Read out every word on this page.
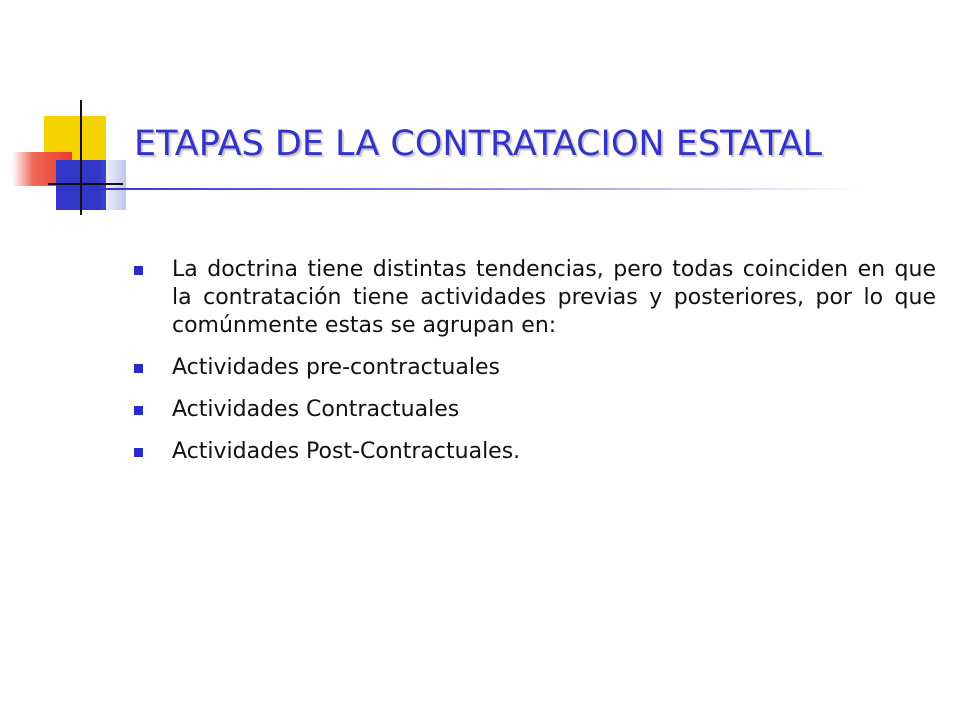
ETAPAS DE LA CONTRATACION ESTATAL
La doctrina tiene distintas tendencias, pero todas coinciden en que la contratación tiene actividades previas y posteriores, por lo que comúnmente estas se agrupan en:
Actividades pre-contractuales
Actividades Contractuales
Actividades Post-Contractuales.
